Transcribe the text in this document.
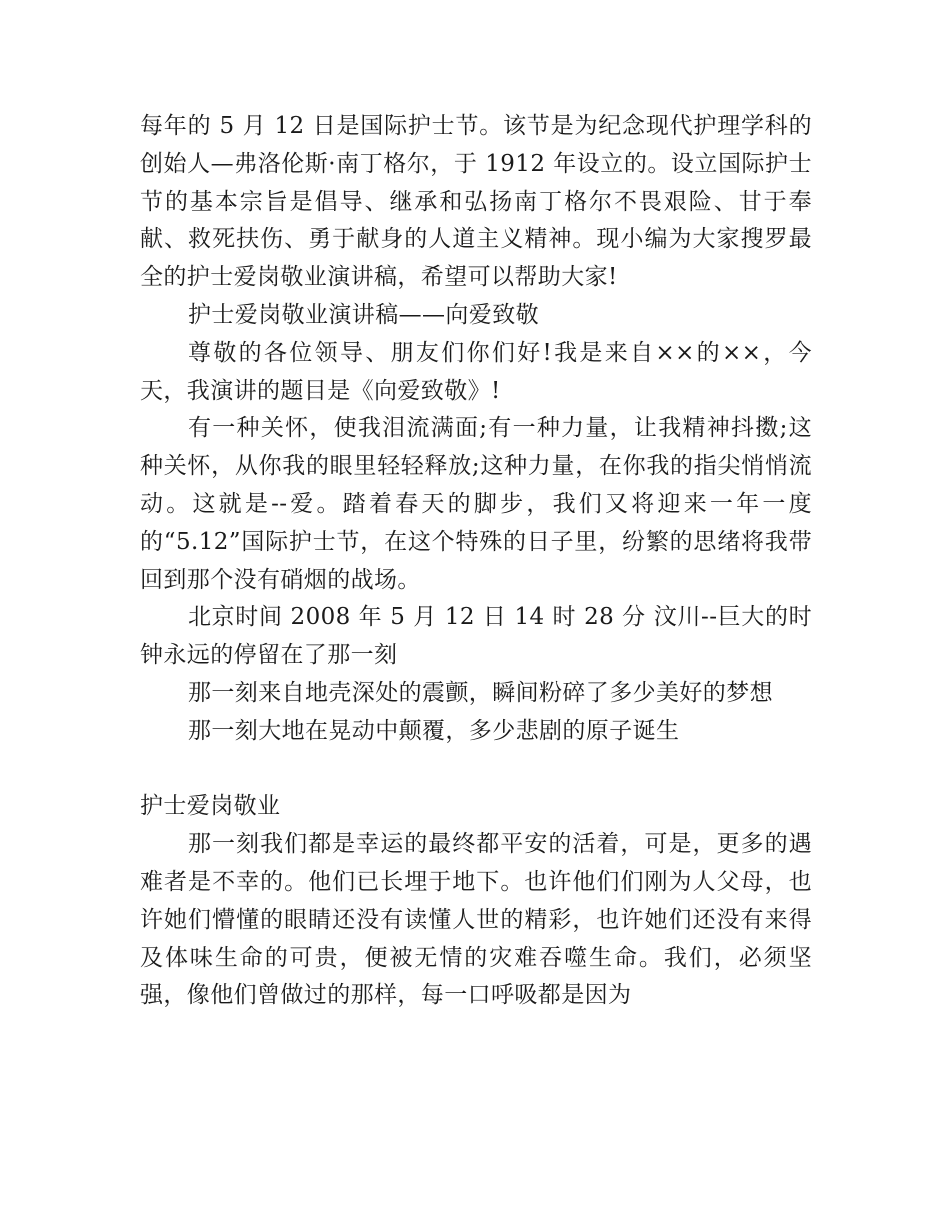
每年的 5 月 12 日是国际护士节。该节是为纪念现代护理学科的创始人—弗洛伦斯·南丁格尔，于 1912 年设立的。设立国际护士节的基本宗旨是倡导、继承和弘扬南丁格尔不畏艰险、甘于奉献、救死扶伤、勇于献身的人道主义精神。现小编为大家搜罗最全的护士爱岗敬业演讲稿，希望可以帮助大家!

护士爱岗敬业演讲稿——向爱致敬

尊敬的各位领导、朋友们你们好!我是来自××的××，今天，我演讲的题目是《向爱致敬》!

有一种关怀，使我泪流满面;有一种力量，让我精神抖擞;这种关怀，从你我的眼里轻轻释放;这种力量，在你我的指尖悄悄流动。这就是--爱。踏着春天的脚步，我们又将迎来一年一度的“5.12”国际护士节，在这个特殊的日子里，纷繁的思绪将我带回到那个没有硝烟的战场。

北京时间 2008 年 5 月 12 日 14 时 28 分 汶川--巨大的时钟永远的停留在了那一刻

那一刻来自地壳深处的震颤，瞬间粉碎了多少美好的梦想

那一刻大地在晃动中颠覆，多少悲剧的原子诞生

护士爱岗敬业

那一刻我们都是幸运的最终都平安的活着，可是，更多的遇难者是不幸的。他们已长埋于地下。也许他们们刚为人父母，也许她们懵懂的眼睛还没有读懂人世的精彩，也许她们还没有来得及体味生命的可贵，便被无情的灾难吞噬生命。我们，必须坚强，像他们曾做过的那样，每一口呼吸都是因为
